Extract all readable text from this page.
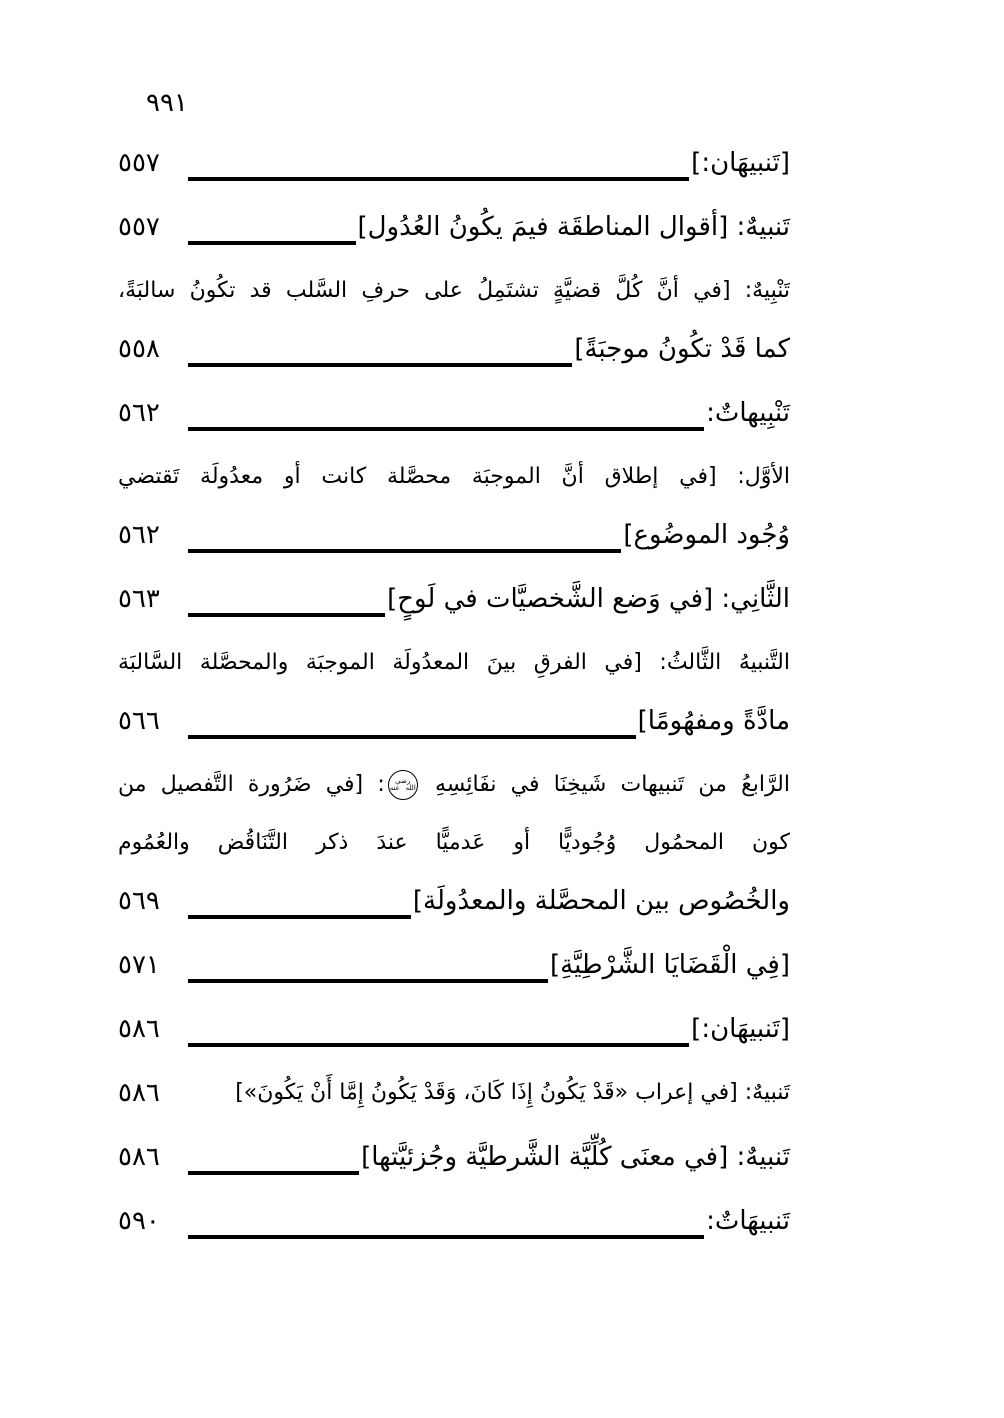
٩٩١
[تَنبيهَان:]
٥٥٧
تَنبيهٌ: [أقوال المناطقَة فيمَ يكُونُ العُدُول]
٥٥٧
تَنْبِيهٌ: [في أنَّ كُلَّ قضيَّةٍ تشتَمِلُ على حرفِ السَّلب قد تكُونُ سالبَةً،
كما قَدْ تكُونُ موجبَةً]
٥٥٨
تَنْبِيهاتٌ:
٥٦٢
الأوَّل: [في إطلاق أنَّ الموجبَة محصَّلة كانت أو معدُولَة تَقتضي
وُجُود الموضُوع]
٥٦٢
الثَّانِي: [في وَضع الشَّخصيَّات في لَوحٍ]
٥٦٣
التَّنبيهُ الثَّالثُ: [في الفرقِ بينَ المعدُولَة الموجبَة والمحصَّلة السَّالبَة
مادَّةً ومفهُومًا]
٥٦٦
الرَّابعُ من تَنبيهات شَيخِنَا في نفَائِسِهِ رضي الله عنه: [في ضَرُورة التَّفصيل من
كون المحمُول وُجُوديًّا أو عَدميًّا عندَ ذكر التَّنَاقُض والعُمُوم
والخُصُوص بين المحصَّلة والمعدُولَة]
٥٦٩
[فِي الْقَضَايَا الشَّرْطِيَّةِ]
٥٧١
[تَنبيهَان:]
٥٨٦
تَنبيهٌ: [في إعراب «قَدْ يَكُونُ إِذَا كَانَ، وَقَدْ يَكُونُ إِمَّا أَنْ يَكُونَ»]
٥٨٦
تَنبيهٌ: [في معنَى كُلِّيَّة الشَّرطيَّة وجُزئيَّتها]
٥٨٦
تَنبيهَاتٌ:
٥٩٠
